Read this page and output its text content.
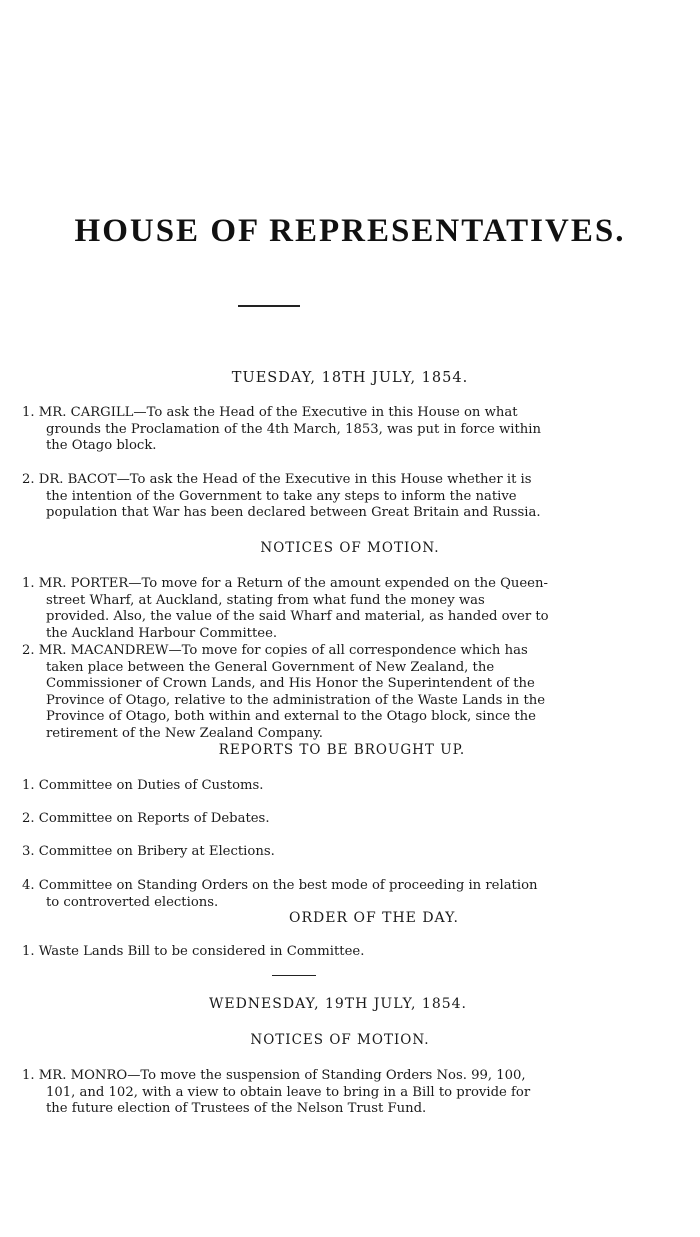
HOUSE OF REPRESENTATIVES.

TUESDAY, 18TH JULY, 1854.

1. MR. CARGILL—To ask the Head of the Executive in this House on what grounds the Proclamation of the 4th March, 1853, was put in force within the Otago block.

2. DR. BACOT—To ask the Head of the Executive in this House whether it is the intention of the Government to take any steps to inform the native population that War has been declared between Great Britain and Russia.

NOTICES OF MOTION.

1. MR. PORTER—To move for a Return of the amount expended on the Queen-street Wharf, at Auckland, stating from what fund the money was provided. Also, the value of the said Wharf and material, as handed over to the Auckland Harbour Committee.

2. MR. MACANDREW—To move for copies of all correspondence which has taken place between the General Government of New Zealand, the Commissioner of Crown Lands, and His Honor the Superintendent of the Province of Otago, relative to the administration of the Waste Lands in the Province of Otago, both within and external to the Otago block, since the retirement of the New Zealand Company.

REPORTS TO BE BROUGHT UP.

1. Committee on Duties of Customs.

2. Committee on Reports of Debates.

3. Committee on Bribery at Elections.

4. Committee on Standing Orders on the best mode of proceeding in relation to controverted elections.

ORDER OF THE DAY.

1. Waste Lands Bill to be considered in Committee.

WEDNESDAY, 19TH JULY, 1854.

NOTICES OF MOTION.

1. MR. MONRO—To move the suspension of Standing Orders Nos. 99, 100, 101, and 102, with a view to obtain leave to bring in a Bill to provide for the future election of Trustees of the Nelson Trust Fund.
